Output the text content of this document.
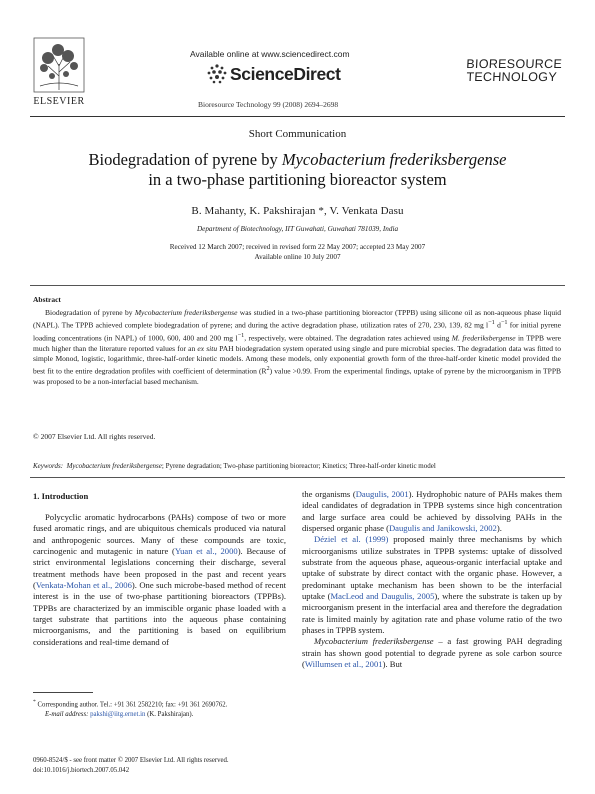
Available online at www.sciencedirect.com
ScienceDirect
Bioresource Technology 99 (2008) 2694–2698
ELSEVIER
BIORESOURCE
TECHNOLOGY
Short Communication
Biodegradation of pyrene by Mycobacterium frederiksbergense
in a two-phase partitioning bioreactor system
B. Mahanty, K. Pakshirajan *, V. Venkata Dasu
Department of Biotechnology, IIT Guwahati, Guwahati 781039, India
Received 12 March 2007; received in revised form 22 May 2007; accepted 23 May 2007
Available online 10 July 2007
Abstract
Biodegradation of pyrene by Mycobacterium frederiksbergense was studied in a two-phase partitioning bioreactor (TPPB) using silicone oil as non-aqueous phase liquid (NAPL). The TPPB achieved complete biodegradation of pyrene; and during the active degradation phase, utilization rates of 270, 230, 139, 82 mg $l^{-1}$ $d^{-1}$ for initial pyrene loading concentrations (in NAPL) of 1000, 600, 400 and 200 mg $l^{-1}$, respectively, were obtained. The degradation rates achieved using M. frederiksbergense in TPPB were much higher than the literature reported values for an ex situ PAH biodegradation system operated using single and pure microbial species. The degradation data was fitted to simple Monod, logistic, logarithmic, three-half-order kinetic models. Among these models, only exponential growth form of the three-half-order kinetic model provided the best fit to the entire degradation profiles with coefficient of determination $(R^2)$ value >0.99. From the experimental findings, uptake of pyrene by the microorganism in TPPB was proposed to be a non-interfacial based mechanism.
© 2007 Elsevier Ltd. All rights reserved.
Keywords: Mycobacterium frederiksbergense; Pyrene degradation; Two-phase partitioning bioreactor; Kinetics; Three-half-order kinetic model
1. Introduction

Polycyclic aromatic hydrocarbons (PAHs) compose of two or more fused aromatic rings, and are ubiquitous chemicals produced via natural and anthropogenic sources. Many of these compounds are toxic, carcinogenic and mutagenic in nature (Yuan et al., 2000). Because of strict environmental legislations concerning their discharge, several treatment methods have been proposed in the past and recent years (Venkata-Mohan et al., 2006). One such microbe-based method of recent interest is in the use of two-phase partitioning bioreactors (TPPBs). TPPBs are characterized by an immiscible organic phase loaded with a target substrate that partitions into the aqueous phase containing microorganisms, and the partitioning is based on equilibrium considerations and real-time demand of

the organisms (Daugulis, 2001). Hydrophobic nature of PAHs makes them ideal candidates of degradation in TPPB systems since high concentration and large surface area could be achieved by dissolving PAHs in the dispersed organic phase (Daugulis and Janikowski, 2002).

Déziel et al. (1999) proposed mainly three mechanisms by which microorganisms utilize substrates in TPPB systems: uptake of dissolved substrate from the aqueous phase, aqueous-organic interfacial uptake and uptake of substrate by direct contact with the organic phase. However, a predominant uptake mechanism has been shown to be the interfacial uptake (MacLeod and Daugulis, 2005), where the substrate is taken up by microorganism present in the interfacial area and therefore the degradation rate is limited mainly by agitation rate and phase volume ratio of the two phases in TPPB system.

Mycobacterium frederiksbergense – a fast growing PAH degrading strain has shown good potential to degrade pyrene as sole carbon source (Willumsen et al., 2001). But

* Corresponding author. Tel.: +91 361 2582210; fax: +91 361 2690762.
E-mail address: pakshi@iitg.ernet.in (K. Pakshirajan).
0960-8524/$ - see front matter © 2007 Elsevier Ltd. All rights reserved.
doi:10.1016/j.biortech.2007.05.042
